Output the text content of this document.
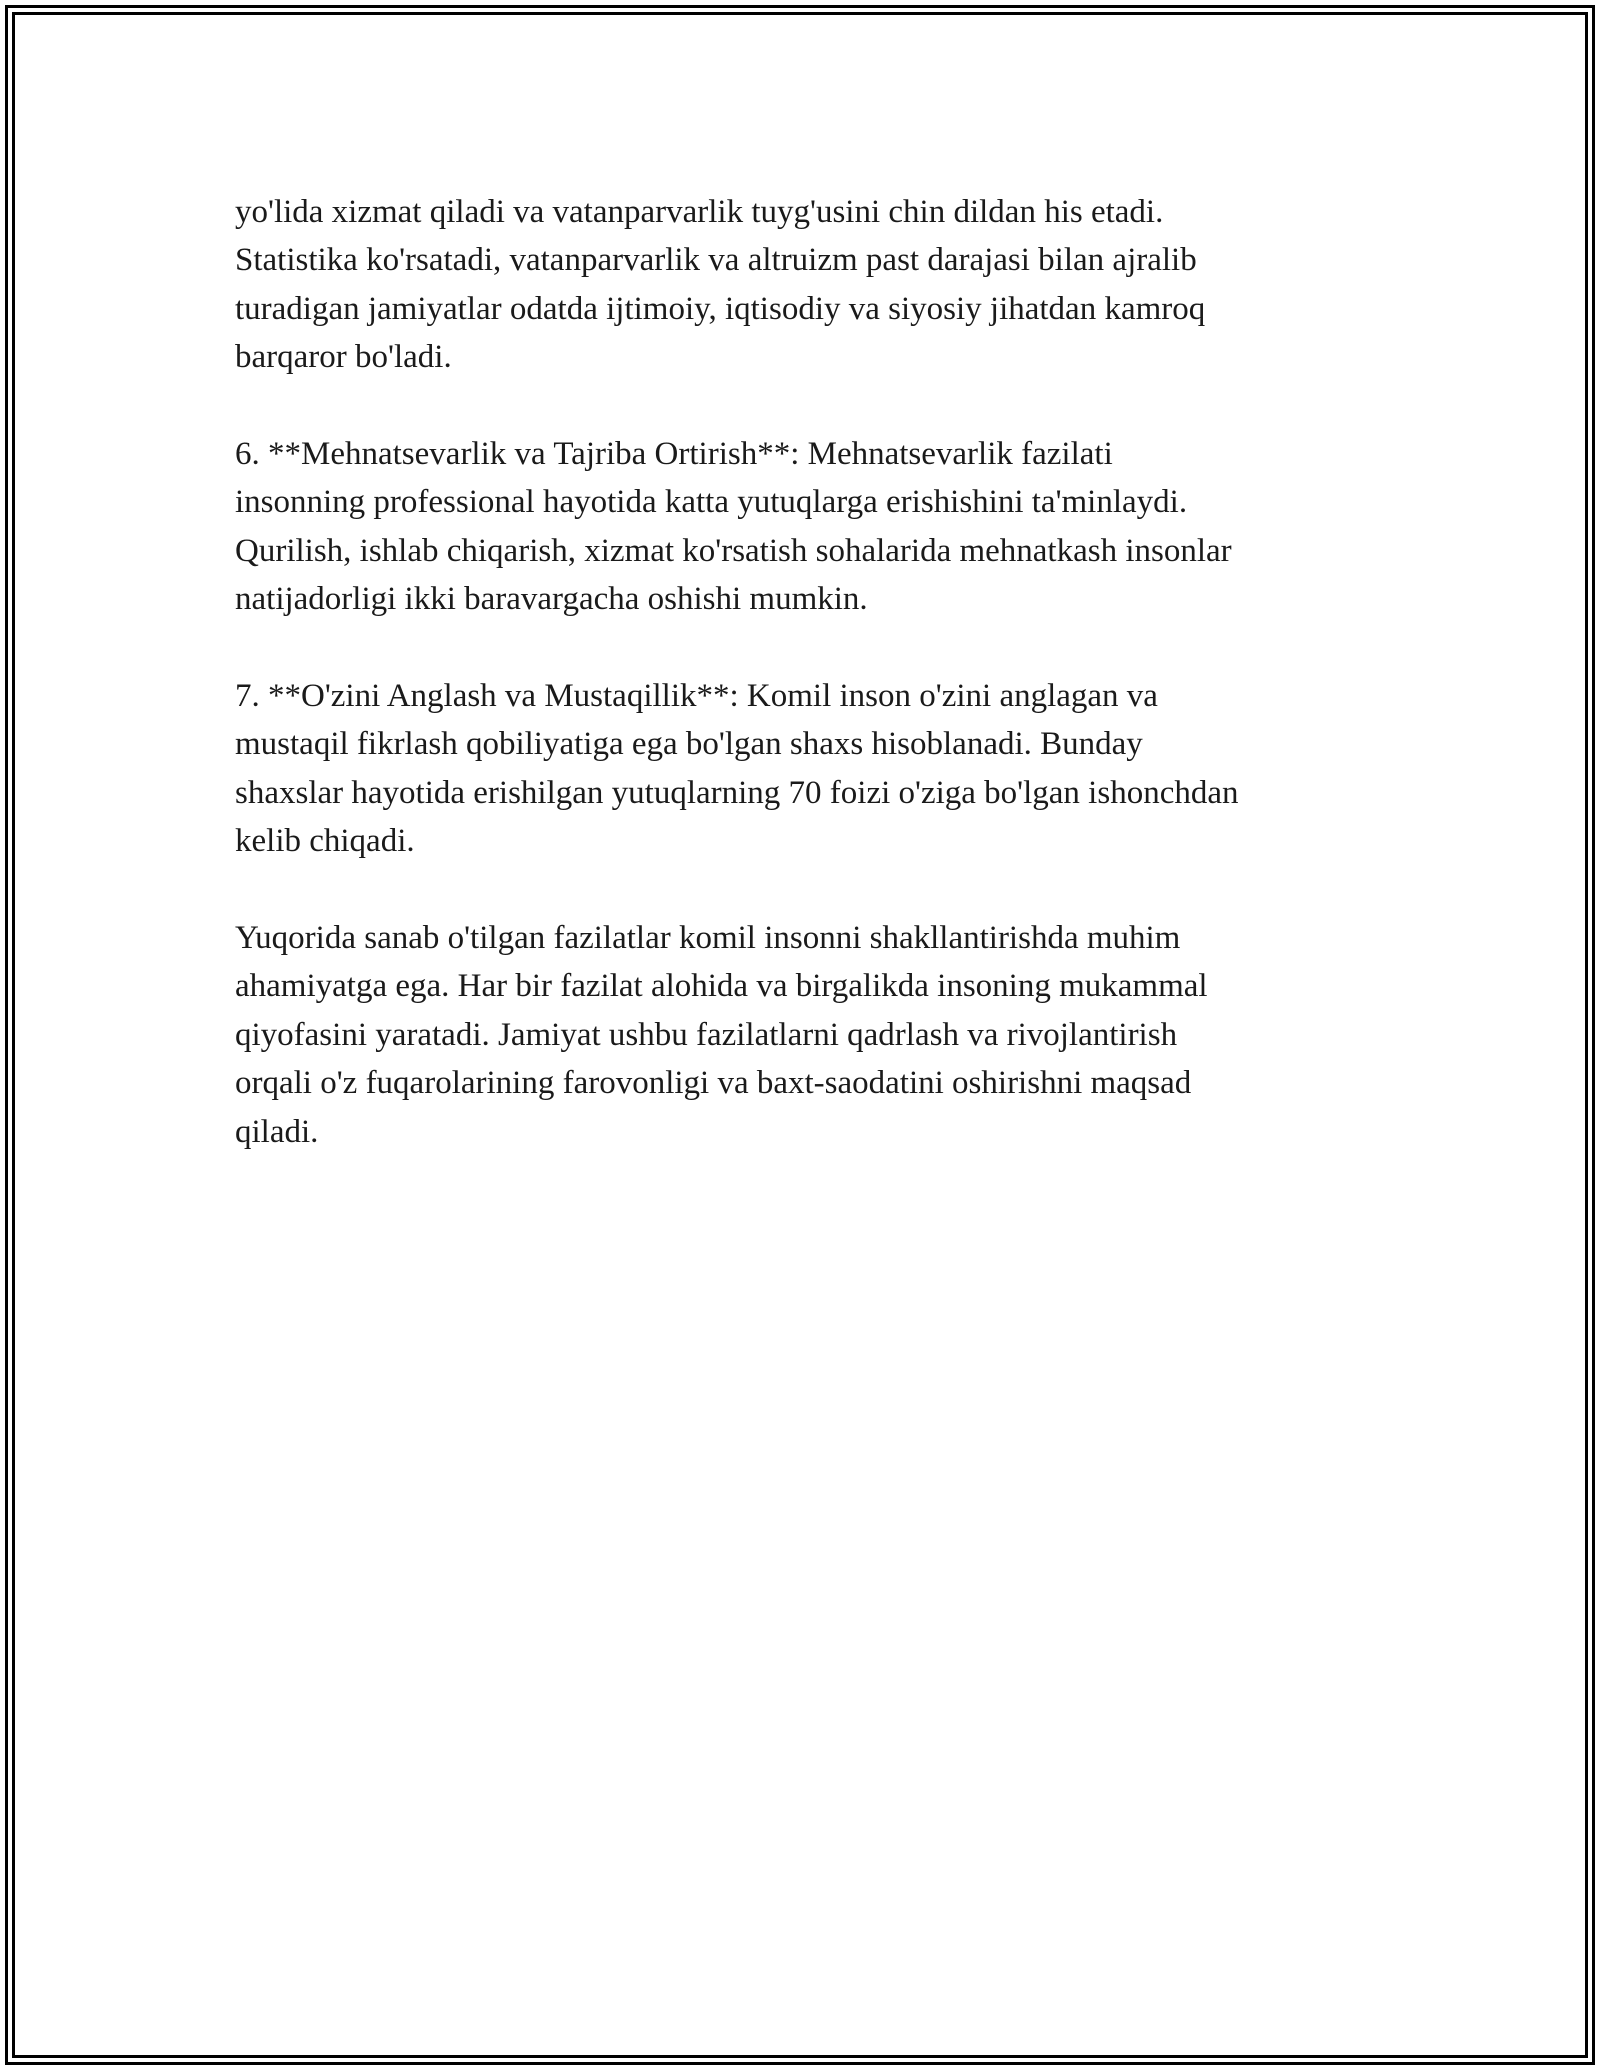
yo'lida xizmat qiladi va vatanparvarlik tuyg'usini chin dildan his etadi.
Statistika ko'rsatadi, vatanparvarlik va altruizm past darajasi bilan ajralib
turadigan jamiyatlar odatda ijtimoiy, iqtisodiy va siyosiy jihatdan kamroq
barqaror bo'ladi.

6. **Mehnatsevarlik va Tajriba Ortirish**: Mehnatsevarlik fazilati
insonning professional hayotida katta yutuqlarga erishishini ta'minlaydi.
Qurilish, ishlab chiqarish, xizmat ko'rsatish sohalarida mehnatkash insonlar
natijadorligi ikki baravargacha oshishi mumkin.

7. **O'zini Anglash va Mustaqillik**: Komil inson o'zini anglagan va
mustaqil fikrlash qobiliyatiga ega bo'lgan shaxs hisoblanadi. Bunday
shaxslar hayotida erishilgan yutuqlarning 70 foizi o'ziga bo'lgan ishonchdan
kelib chiqadi.

Yuqorida sanab o'tilgan fazilatlar komil insonni shakllantirishda muhim
ahamiyatga ega. Har bir fazilat alohida va birgalikda insoning mukammal
qiyofasini yaratadi. Jamiyat ushbu fazilatlarni qadrlash va rivojlantirish
orqali o'z fuqarolarining farovonligi va baxt-saodatini oshirishni maqsad
qiladi.
